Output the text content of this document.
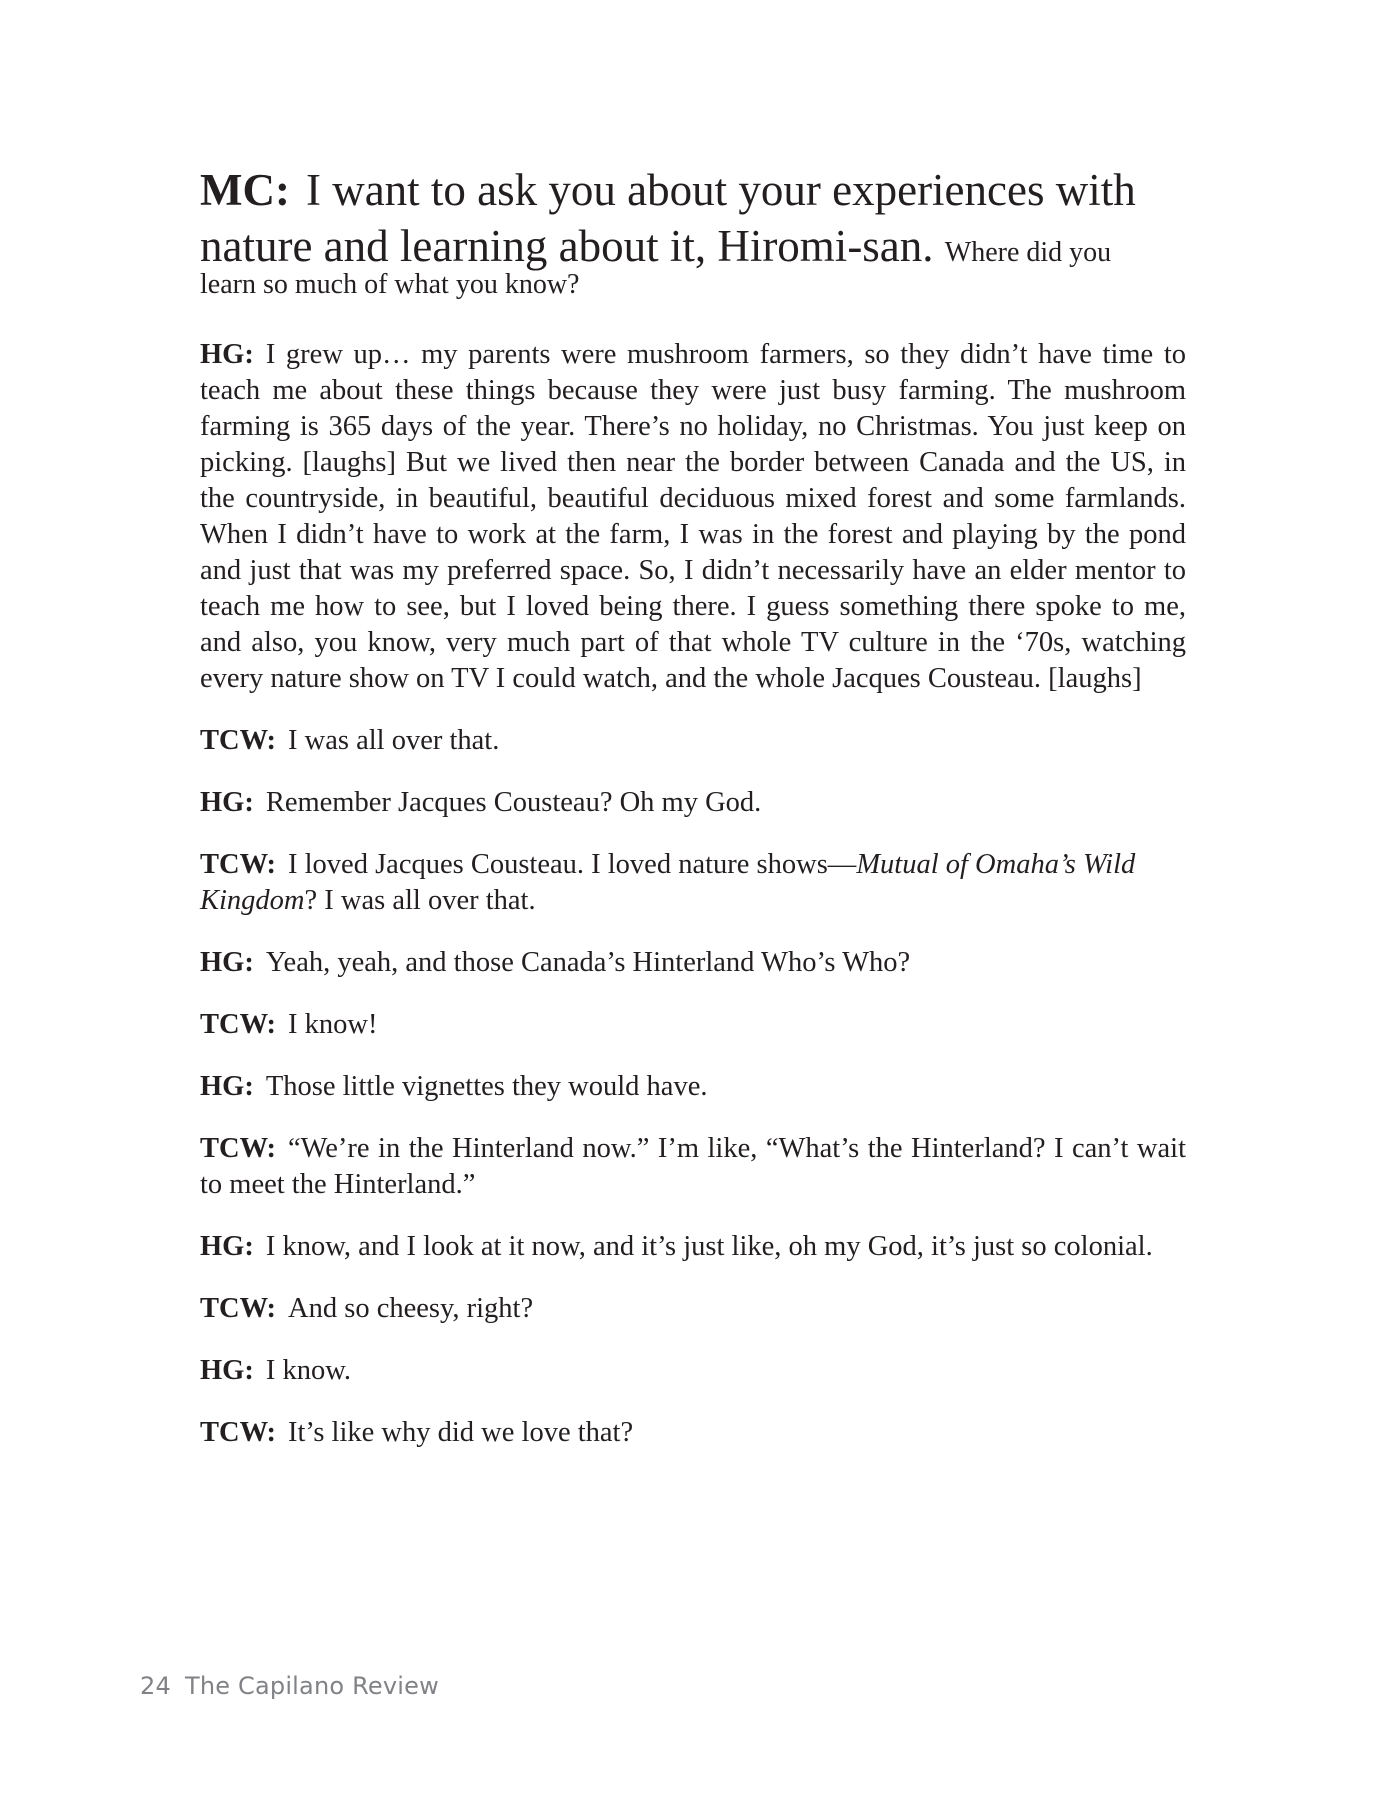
MC: I want to ask you about your experiences with nature and learning about it, Hiromi-san. Where did you
learn so much of what you know?

HG: I grew up… my parents were mushroom farmers, so they didn’t have time to teach me about these things because they were just busy farming. The mushroom farming is 365 days of the year. There’s no holiday, no Christmas. You just keep on picking. [laughs] But we lived then near the border between Canada and the US, in the countryside, in beautiful, beautiful deciduous mixed forest and some farmlands. When I didn’t have to work at the farm, I was in the forest and playing by the pond and just that was my preferred space. So, I didn’t necessarily have an elder mentor to teach me how to see, but I loved being there. I guess something there spoke to me, and also, you know, very much part of that whole TV culture in the ‘70s, watching every nature show on TV I could watch, and the whole Jacques Cousteau. [laughs]

TCW: I was all over that.

HG: Remember Jacques Cousteau? Oh my God.

TCW: I loved Jacques Cousteau. I loved nature shows—Mutual of Omaha’s Wild Kingdom? I was all over that.

HG: Yeah, yeah, and those Canada’s Hinterland Who’s Who?

TCW: I know!

HG: Those little vignettes they would have.

TCW: “We’re in the Hinterland now.” I’m like, “What’s the Hinterland? I can’t wait to meet the Hinterland.”

HG: I know, and I look at it now, and it’s just like, oh my God, it’s just so colonial.

TCW: And so cheesy, right?

HG: I know.

TCW: It’s like why did we love that?

24 The Capilano Review
